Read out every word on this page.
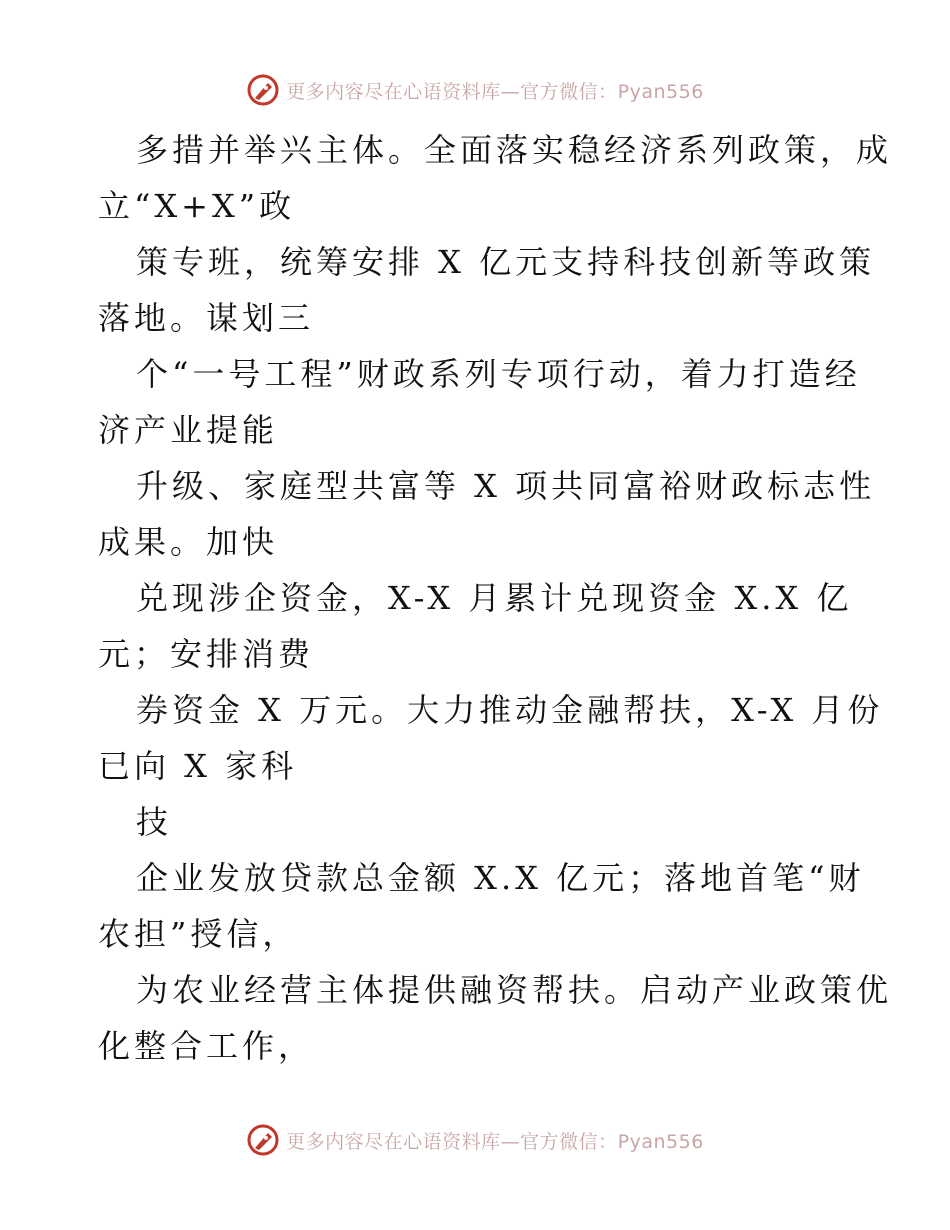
更多内容尽在心语资料库—官方微信：Pyan556
多措并举兴主体。全面落实稳经济系列政策，成
立“X+X”政
策专班，统筹安排 X 亿元支持科技创新等政策
落地。谋划三
个“一号工程”财政系列专项行动，着力打造经
济产业提能
升级、家庭型共富等 X 项共同富裕财政标志性
成果。加快
兑现涉企资金，X-X 月累计兑现资金 X.X 亿
元；安排消费
券资金 X 万元。大力推动金融帮扶，X-X 月份
已向 X 家科
技
企业发放贷款总金额 X.X 亿元；落地首笔“财
农担”授信，
为农业经营主体提供融资帮扶。启动产业政策优
化整合工作，
更多内容尽在心语资料库—官方微信：Pyan556
